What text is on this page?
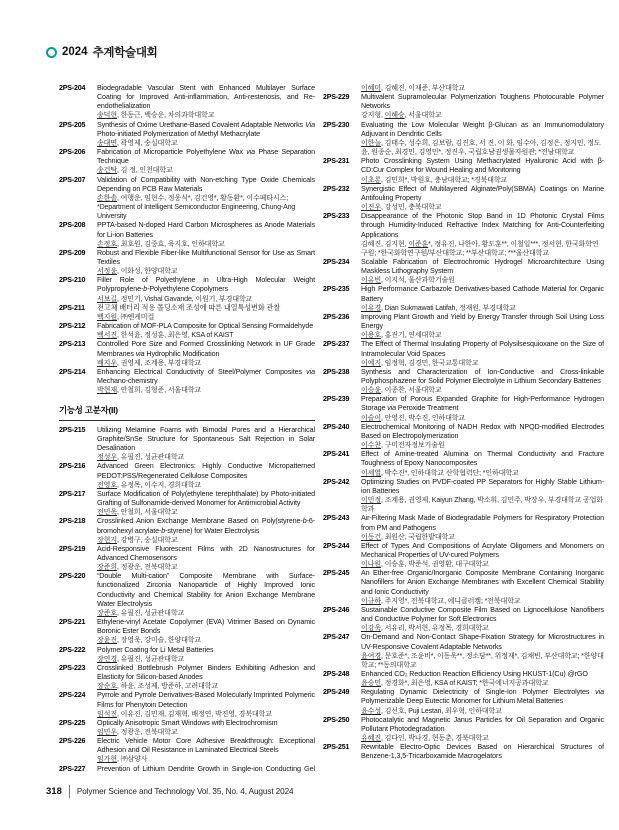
2024 추계학술대회
2PS-204	Biodegradable Vascular Stent with Enhanced Multilayer Surface Coating for Improved Anti-inflammation, Anti-restenosis, and Re-endothelialization
송덕현, 한동근, 백승운, 차의과학대학교
2PS-205	Synthesis of Oxime Urethane-Based Covalent Adaptable Networks Via Photo-initiated Polymerization of Methyl Methacrylate
송대면, 곽영제, 숭실대학교
2PS-206	Fabrication of Microparticle Polyethylene Wax via Phase Separation Technique
송건탁, 김 정, 인천대학교
2PS-207	Validation of Compatibility with Non-etching Type Oxide Chemicals Depending on PCB Raw Materials
손한솔, 여행운, 임현수, 정웅식*, 김건영*, 황동환*, 이수페타시스; *Department of Intelligent Semiconductor Engineering, Chung-Ang University
2PS-208	PPTA-based N-doped Hard Carbon Microspheres as Anode Materials for Li-ion Batteries
손정호, 최호원, 김중효, 육지호, 인하대학교
2PS-209	Robust and Flexible Fiber-like Multifunctional Sensor for Use as Smart Textiles
서정윤, 이화성, 한양대학교
2PS-210	Filler Role of Polyethylene in Ultra-High Molecular Weight Polypropylene-b-Polyethylene Copolymers
서보길, 정민기, Vishal Gavande, 이원기, 부경대학교
2PS-211	전고체 배터리 적용 몰딩소재 조성에 따른 내열특성변화 관찰
백지원, ㈜엔케미컬
2PS-212	Fabrication of MOF-PLA Composite for Optical Sensing Formaldehyde
백서진, 한석윤, 정성훈, 최은영, KSA of KAIST
2PS-213	Controlled Pore Size and Formed Crosslinking Network in UF Grade Membranes via Hydrophilic Modification
배지우, 권영제, 조계용, 부경대학교
2PS-214	Enhancing Electrical Conductivity of Steel/Polymer Composites via Mechano-chemistry
박현재, 안철희, 김형준, 서울대학교
기능성 고분자(II)
2PS-215	Utilizing Melamine Foams with Bimodal Pores and a Hierarchical Graphite/SnSe Structure for Spontaneous Salt Rejection in Solar Desalination
정성우, 유필진, 성균관대학교
2PS-216	Advanced Green Electronics: Highly Conductive Micropatterned PEDOT:PSS/Regenerated Cellulose Composites
전영호, 유정목, 이수지, 경희대학교
2PS-217	Surface Modification of Poly(ethylene terephthalate) by Photo-initiated Grafting of Sulfonamide-derived Monomer for Antimicrobial Activity
전민욱, 안철희, 서울대학교
2PS-218	Crosslinked Anion Exchange Membrane Based on Poly(styrene-b-6-bromohexyl acrylate-b-styrene) for Water Electrolysis
장현지, 강병구, 숭실대학교
2PS-219	Acid-Responsive Fluorescent Films with 2D Nanostructures for Advanced Chemosensors
장준희, 정광운, 전북대학교
2PS-220	“Double Multi-cation” Composite Membrane with Surface-functionalized Zirconia Nanoparticle of Highly Improved Ionic Conductivity and Chemical Stability for Anion Exchange Membrane Water Electrolysis
장준호, 유필진, 성균관대학교
2PS-221	Ethylene-vinyl Acetate Copolymer (EVA) Vitrimer Based on Dynamic Boronic Ester Bonds
장윤진, 장영욱, 강미슬, 한양대학교
2PS-222	Polymer Coating for Li Metal Batteries
장연경, 유필진, 성균관대학교
2PS-223	Crosslinked Bottlebrush Polymer Binders Exhibiting Adhesion and Elasticity for Silicon-based Anodes
장순호, 하윤, 조성제, 방준하, 고려대학교
2PS-224	Pyrrole and Pyrrole Derivatives-Based Molecularly Imprinted Polymeric Films for Phenytoin Detection
임석진, 이유진, 김민재, 김재혁, 배정연, 박진영, 경북대학교
2PS-225	Optically Anisotropic Smart Windows with Electrochromism
임민우, 정광운, 전북대학교
2PS-226	Electric Vehicle Motor Core Adhesive Breakthrough: Exceptional Adhesion and Oil Resistance in Laminated Electrical Steels
임가현, ㈜삼양사
2PS-227	Prevention of Lithium Dendrite Growth in Single-ion Conducting Gel
이혜미, 김혜진, 이재준, 부산대학교
2PS-229	Multivalent Supramolecular Polymerization Toughens Photocurable Polymer Networks
강지형, 이해승, 서울대학교
2PS-230	Evaluating the Low Molecular Weight β-Glucan as an Immunomodulatory Adjuvant in Dendritic Cells
이한늘, 김태수, 성수희, 김보람, 김진호, 서 진, 이 화, 임수아, 김정은, 정지민, 정도윤, 원종순, 최경민, 김영민*, 정진우, 국립호남권생물자원관; *전남대학교
2PS-231	Photo Crosslinking System Using Methacrylated Hyaluronic Acid with β-CD:Cur Complex for Wound Healing and Monitoring
이초롱, 김민희*, 박원호, 충남대학교; *경북대학교
2PS-232	Synergistic Effect of Multilayered Alginate/Poly(SBMA) Coatings on Marine Antifouling Property
이진우, 강성민, 충북대학교
2PS-233	Disappearance of the Photonic Stop Band in 1D Photonic Crystal Films through Humidity-Induced Refractive Index Matching for Anti-Counterfeiting Applications
김혜진, 김지현, 이준훈*, 정유진, 나한아, 황도훈**, 이철일***, 정서현, 한국화학연구원; *한국화학연구원/부산대학교; **부산대학교; ***울산대학교
2PS-234	Scalable Fabrication of Electrochromic Hydrogel Microarchitecture Using Maskless Lithography System
이유빈, 이지석, 울산과학기술원
2PS-235	High Performance Carbazole Derivatives-based Cathode Material for Organic Battery
이유경, Dian Sukmawati Latifah, 정재원, 부경대학교
2PS-236	Improving Plant Growth and Yield by Energy Transfer through Soil Using Loss Energy
이용호, 홍진기, 연세대학교
2PS-237	The Effect of Thermal Insulating Property of Polysilsesquioxane on the Size of Intramolecular Void Spaces
이예지, 임정혁, 김경민, 한국교통대학교
2PS-238	Synthesis and Characterization of Ion-Conductive and Cross-linkable Polyphosphazene for Solid Polymer Electrolyte in Lithium Secondary Batteries
이승윤, 이종찬, 서울대학교
2PS-239	Preparation of Porous Expanded Graphite for High-Performance Hydrogen Storage via Peroxide Treatment
이슬이, 안영진, 박수진, 인하대학교
2PS-240	Electrochemical Monitoring of NADH Redox with NPQD-modified Electrodes Based on Electropolymerization
이수찬, 구미전자정보기술원
2PS-241	Effect of Amine-treated Alumina on Thermal Conductivity and Fracture Toughness of Epoxy Nanocomposites
이세열, 박수진*, 인하대학교 산학협력단; *인하대학교
2PS-242	Optimizing Studies on PVDF-coated PP Separators for Highly Stable Lithium-ion Batteries
이민정, 조계용, 권영제, Kaiyun Zhang, 박소휘, 김민주, 박장우, 부경대학교 공업화학과
2PS-243	Air-Filtering Mask Made of Biodegradable Polymers for Respiratory Protection from PM and Pathogens
이동건, 최원산, 국립한밭대학교
2PS-244	Effect of Types And Compositions of Acrylate Oligomers and Monomers on Mechanical Properties of UV-cured Polymers
이나원, 이승훈, 박준석, 권영환, 대구대학교
2PS-245	An Ether-free Organic/Inorganic Composite Membrane Containing Inorganic Nanofillers for Anion Exchange Membranes with Excellent Chemical Stability and Ionic Conductivity
이규하, 주지영*, 전북대학교, 에니클러켐; *전북대학교
2PS-246	Sustainable Conductive Composite Film Based on Lignocellulose Nanofibers and Conductive Polymer for Soft Electronics
이강욱, 서유리, 박서현, 유정목, 경희대학교
2PS-247	On-Demand and Non-Contact Shape-Fixation Strategy for Microstructures in UV-Responsive Covalent Adaptable Networks
윤여경, 문호준*, 조윤비*, 이동욱**, 정소담**, 위정재*, 김채빈, 부산대학교; *한양대학교; **동의대학교
2PS-248	Enhanced CO₂ Reduction Reaction Efficiency Using HKUST-1(Cu) @rGO
윤승민, 정경화*, 최은영, KSA of KAIST; *한국에너지공과대학교
2PS-249	Regulating Dynamic Dielectricity of Single-Ion Polymer Electrolytes via Polymerizable Deep Eutectic Monomer for Lithium Metal Batteries
윤수성, 김선호, Puji Lestari, 최우혁, 인하대학교
2PS-250	Photocatalytic and Magnetic Janus Particles for Oil Separation and Organic Pollutant Photodegradation
유혜진, 김다인, 박나경, 현동춘, 경북대학교
2PS-251	Rewritable Electro-Optic Devices Based on Hierarchical Structures of Benzene-1,3,5-Tricarboxamide Macrogelators
318 Polymer Science and Technology Vol. 35, No. 4, August 2024
